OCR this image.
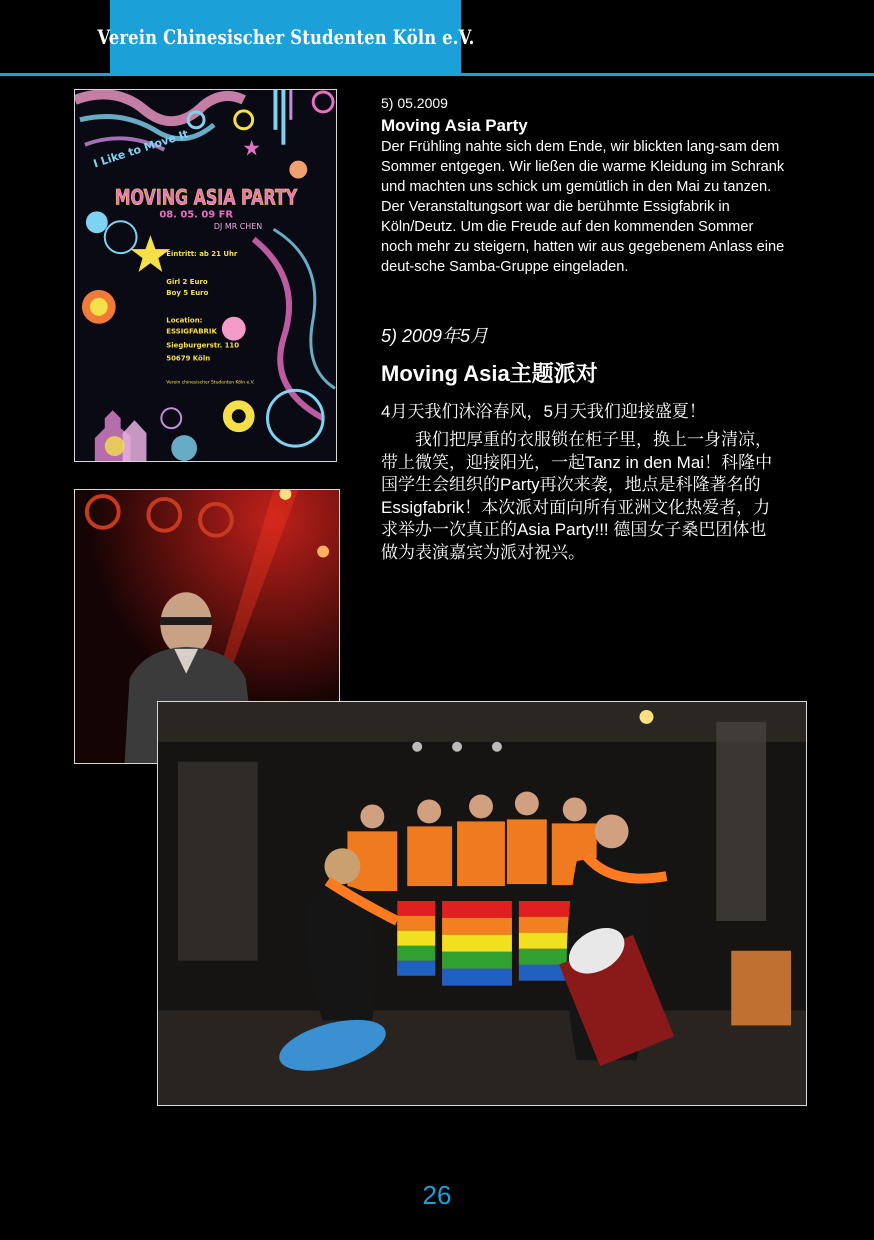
Verein Chinesischer Studenten Köln e.V.
I Like to Move It
MOVING ASIA PARTY
08. 05. 09 FR
DJ MR CHEN
Eintritt: ab 21 Uhr
Girl 2 Euro
Boy 5 Euro
Location:
ESSIGFABRIK
Siegburgerstr. 110
50679 Köln
Verein chinesischer Studenten Köln e.V.
5) 05.2009
Moving Asia Party

Der Frühling nahte sich dem Ende, wir blickten lang-sam dem Sommer entgegen. Wir ließen die warme Kleidung im Schrank und machten uns schick um gemütlich in den Mai zu tanzen. Der Veranstaltungsort war die berühmte Essigfabrik in Köln/Deutz. Um die Freude auf den kommenden Sommer noch mehr zu steigern, hatten wir aus gegebenem Anlass eine deut-sche Samba-Gruppe eingeladen.

5) 2009年5月
Moving Asia主题派对
4月天我们沐浴春风，5月天我们迎接盛夏！

我们把厚重的衣服锁在柜子里，换上一身清凉，带上微笑，迎接阳光，一起Tanz in den Mai！科隆中国学生会组织的Party再次来袭，地点是科隆著名的Essigfabrik！本次派对面向所有亚洲文化热爱者，力求举办一次真正的Asia Party!!! 德国女子桑巴团体也做为表演嘉宾为派对祝兴。

26
